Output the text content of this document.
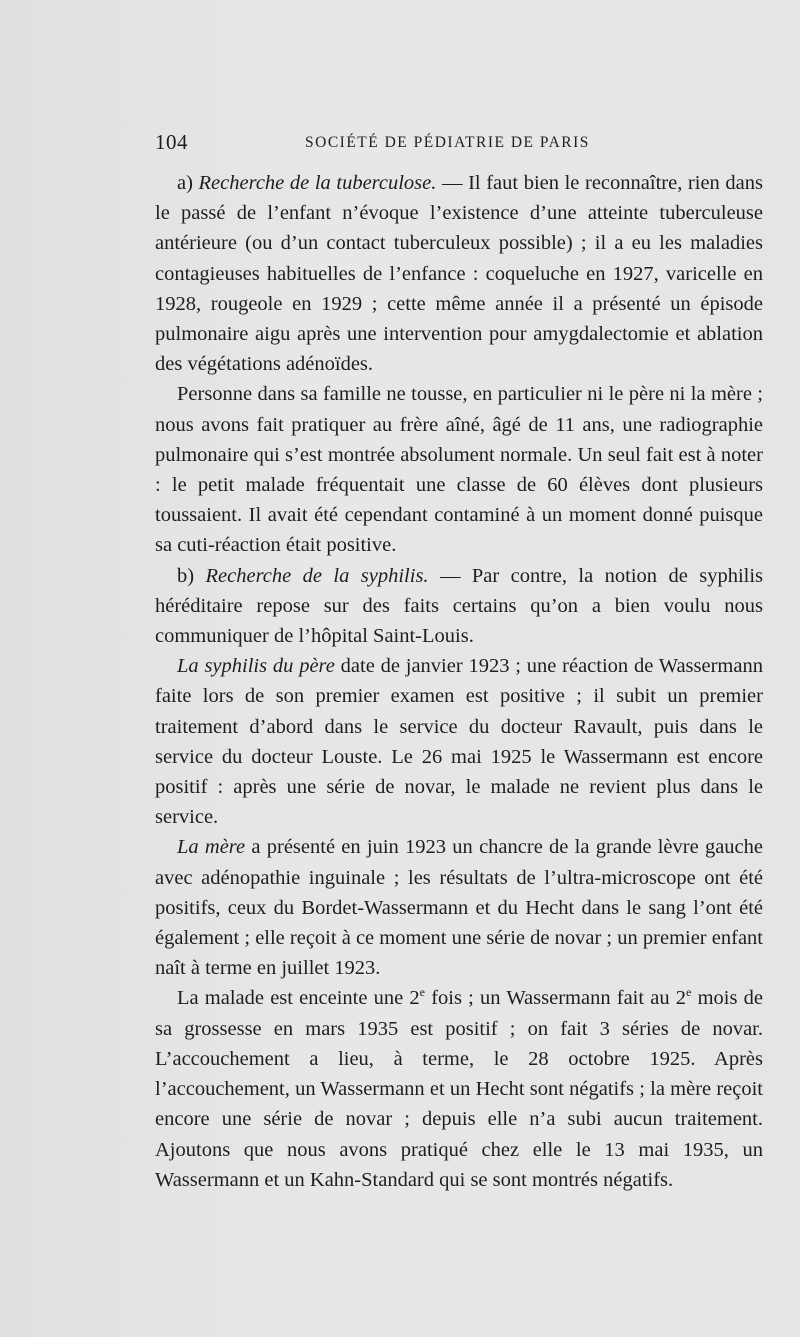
104	SOCIÉTÉ DE PÉDIATRIE DE PARIS

a) Recherche de la tuberculose. — Il faut bien le reconnaître, rien dans le passé de l’enfant n’évoque l’existence d’une atteinte tuberculeuse antérieure (ou d’un contact tuberculeux possible) ; il a eu les maladies contagieuses habituelles de l’enfance : coqueluche en 1927, varicelle en 1928, rougeole en 1929 ; cette même année il a présenté un épisode pulmonaire aigu après une intervention pour amygdalectomie et ablation des végétations adénoïdes.

Personne dans sa famille ne tousse, en particulier ni le père ni la mère ; nous avons fait pratiquer au frère aîné, âgé de 11 ans, une radiographie pulmonaire qui s’est montrée absolument normale. Un seul fait est à noter : le petit malade fréquentait une classe de 60 élèves dont plusieurs toussaient. Il avait été cependant contaminé à un moment donné puisque sa cuti-réaction était positive.

b) Recherche de la syphilis. — Par contre, la notion de syphilis héréditaire repose sur des faits certains qu’on a bien voulu nous communiquer de l’hôpital Saint-Louis.

La syphilis du père date de janvier 1923 ; une réaction de Wassermann faite lors de son premier examen est positive ; il subit un premier traitement d’abord dans le service du docteur Ravault, puis dans le service du docteur Louste. Le 26 mai 1925 le Wassermann est encore positif : après une série de novar, le malade ne revient plus dans le service.

La mère a présenté en juin 1923 un chancre de la grande lèvre gauche avec adénopathie inguinale ; les résultats de l’ultra-microscope ont été positifs, ceux du Bordet-Wassermann et du Hecht dans le sang l’ont été également ; elle reçoit à ce moment une série de novar ; un premier enfant naît à terme en juillet 1923.

La malade est enceinte une 2e fois ; un Wassermann fait au 2e mois de sa grossesse en mars 1935 est positif ; on fait 3 séries de novar. L’accouchement a lieu, à terme, le 28 octobre 1925. Après l’accouchement, un Wassermann et un Hecht sont négatifs ; la mère reçoit encore une série de novar ; depuis elle n’a subi aucun traitement. Ajoutons que nous avons pratiqué chez elle le 13 mai 1935, un Wassermann et un Kahn-Standard qui se sont montrés négatifs.
